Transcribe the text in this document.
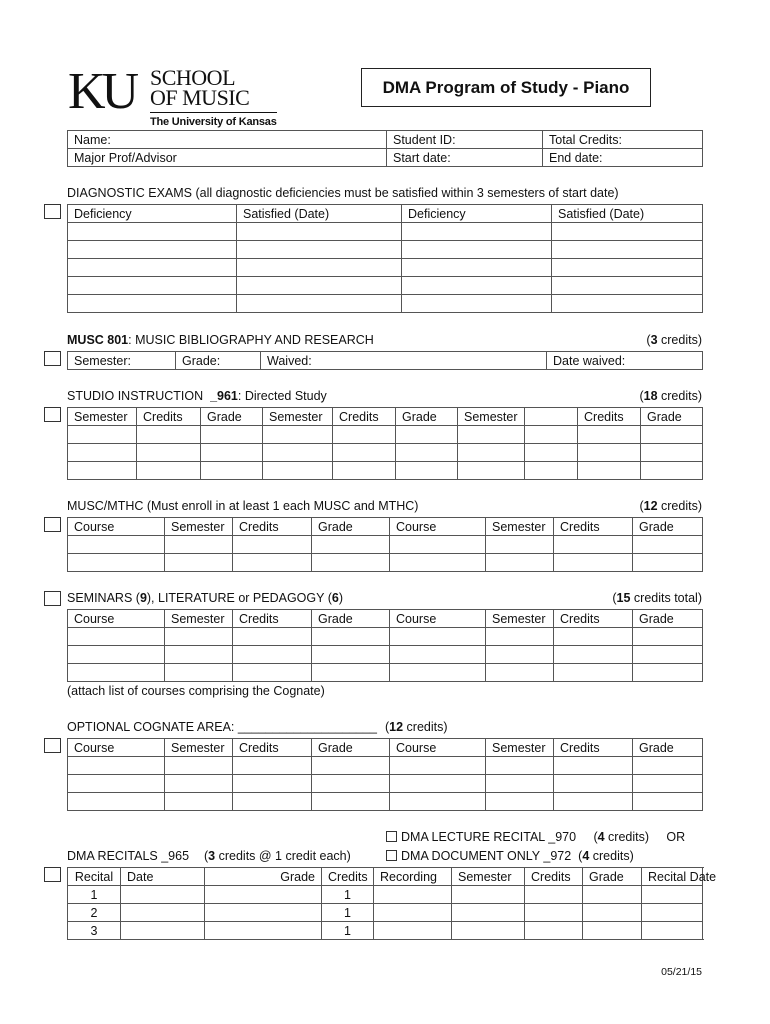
KU SCHOOL
OF MUSIC
The University of Kansas
DMA Program of Study - Piano
Name:	Student ID:	Total Credits:
Major Prof/Advisor	Start date:	End date:
DIAGNOSTIC EXAMS (all diagnostic deficiencies must be satisfied within 3 semesters of start date)
Deficiency	Satisfied (Date)	Deficiency	Satisfied (Date)

MUSC 801: MUSIC BIBLIOGRAPHY AND RESEARCH	(3 credits)
Semester:	Grade:	Waived:	Date waived:
STUDIO INSTRUCTION  _961: Directed Study	(18 credits)
Semester	Credits	Grade	Semester	Credits	Grade	Semester		Credits	Grade

MUSC/MTHC (Must enroll in at least 1 each MUSC and MTHC)	(12 credits)
Course	Semester	Credits	Grade	Course	Semester	Credits	Grade

SEMINARS (9), LITERATURE or PEDAGOGY (6)	(15 credits total)
Course	Semester	Credits	Grade	Course	Semester	Credits	Grade

(attach list of courses comprising the Cognate)
OPTIONAL COGNATE AREA: ____________________ (12 credits)
Course	Semester	Credits	Grade	Course	Semester	Credits	Grade

DMA LECTURE RECITAL _970 (4 credits) OR
DMA RECITALS _965 (3 credits @ 1 credit each)	DMA DOCUMENT ONLY _972 (4 credits)
Recital	Date	Grade	Credits	Recording	Semester	Credits	Grade	Recital Date
1			1					
2			1					
3			1					
05/21/15
